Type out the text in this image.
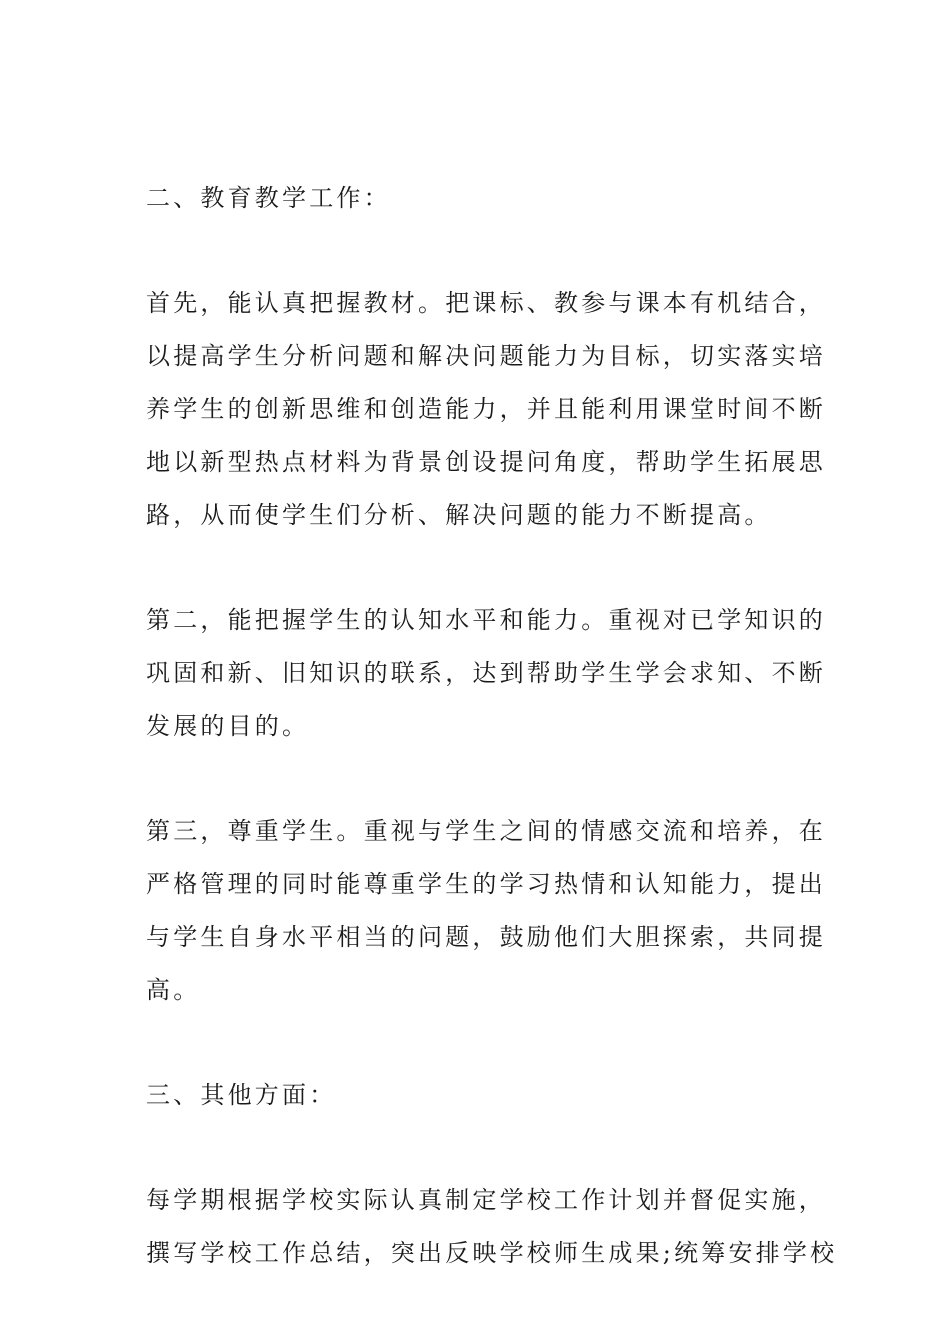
二、教育教学工作：
首先，能认真把握教材。把课标、教参与课本有机结合，
以提高学生分析问题和解决问题能力为目标，切实落实培
养学生的创新思维和创造能力，并且能利用课堂时间不断
地以新型热点材料为背景创设提问角度，帮助学生拓展思
路，从而使学生们分析、解决问题的能力不断提高。
第二，能把握学生的认知水平和能力。重视对已学知识的
巩固和新、旧知识的联系，达到帮助学生学会求知、不断
发展的目的。
第三，尊重学生。重视与学生之间的情感交流和培养，在
严格管理的同时能尊重学生的学习热情和认知能力，提出
与学生自身水平相当的问题，鼓励他们大胆探索，共同提
高。
三、其他方面：
每学期根据学校实际认真制定学校工作计划并督促实施，
撰写学校工作总结，突出反映学校师生成果;统筹安排学校
